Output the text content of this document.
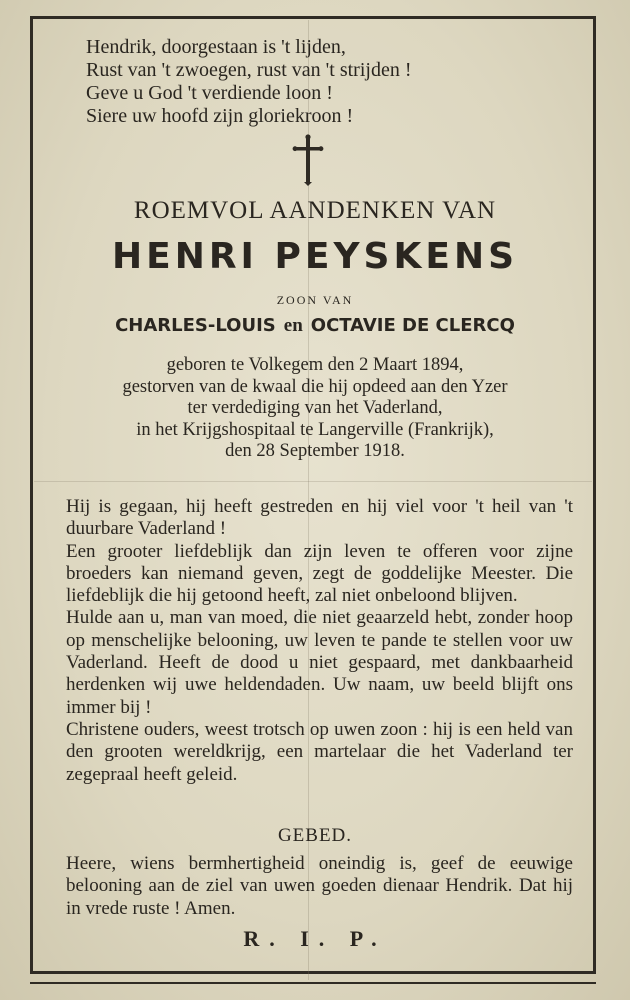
Hendrik, doorgestaan is 't lijden,
Rust van 't zwoegen, rust van 't strijden !
Geve u God 't verdiende loon !
Siere uw hoofd zijn gloriekroon !
ROEMVOL AANDENKEN VAN
HENRI PEYSKENS
ZOON VAN
CHARLES-LOUIS en OCTAVIE DE CLERCQ
geboren te Volkegem den 2 Maart 1894,
gestorven van de kwaal die hij opdeed aan den Yzer
ter verdediging van het Vaderland,
in het Krijgshospitaal te Langerville (Frankrijk),
den 28 September 1918.

Hij is gegaan, hij heeft gestreden en hij viel voor 't heil van 't duurbare Vaderland !

Een grooter liefdeblijk dan zijn leven te offeren voor zijne broeders kan niemand geven, zegt de goddelijke Meester. Die liefdeblijk die hij getoond heeft, zal niet onbeloond blijven.

Hulde aan u, man van moed, die niet geaarzeld hebt, zonder hoop op menschelijke belooning, uw leven te pande te stellen voor uw Vaderland. Heeft de dood u niet gespaard, met dankbaarheid herdenken wij uwe heldendaden. Uw naam, uw beeld blijft ons immer bij !

Christene ouders, weest trotsch op uwen zoon : hij is een held van den grooten wereldkrijg, een martelaar die het Vaderland ter zegepraal heeft geleid.

GEBED.
Heere, wiens bermhertigheid oneindig is, geef de eeuwige belooning aan de ziel van uwen goeden dienaar Hendrik. Dat hij in vrede ruste ! Amen.
R. I. P.
